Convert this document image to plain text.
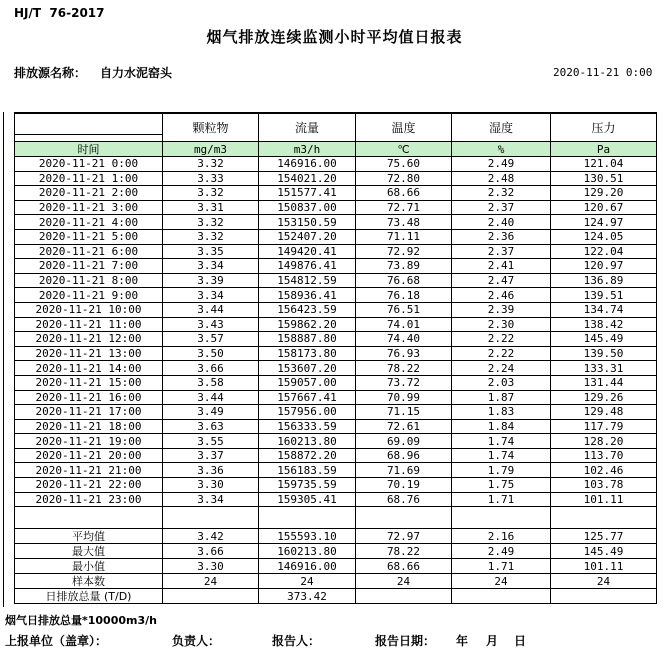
HJ/T  76-2017
烟气排放连续监测小时平均值日报表
排放源名称： 自力水泥窑头	2020-11-21 0:00
	颗粒物	流量	温度	湿度	压力
时间	mg/m3	m3/h	℃	%	Pa
2020-11-21 0:00	3.32	146916.00	75.60	2.49	121.04
2020-11-21 1:00	3.33	154021.20	72.80	2.48	130.51
2020-11-21 2:00	3.32	151577.41	68.66	2.32	129.20
2020-11-21 3:00	3.31	150837.00	72.71	2.37	120.67
2020-11-21 4:00	3.32	153150.59	73.48	2.40	124.97
2020-11-21 5:00	3.32	152407.20	71.11	2.36	124.05
2020-11-21 6:00	3.35	149420.41	72.92	2.37	122.04
2020-11-21 7:00	3.34	149876.41	73.89	2.41	120.97
2020-11-21 8:00	3.39	154812.59	76.68	2.47	136.89
2020-11-21 9:00	3.34	158936.41	76.18	2.46	139.51
2020-11-21 10:00	3.44	156423.59	76.51	2.39	134.74
2020-11-21 11:00	3.43	159862.20	74.01	2.30	138.42
2020-11-21 12:00	3.57	158887.80	74.40	2.22	145.49
2020-11-21 13:00	3.50	158173.80	76.93	2.22	139.50
2020-11-21 14:00	3.66	153607.20	78.22	2.24	133.31
2020-11-21 15:00	3.58	159057.00	73.72	2.03	131.44
2020-11-21 16:00	3.44	157667.41	70.99	1.87	129.26
2020-11-21 17:00	3.49	157956.00	71.15	1.83	129.48
2020-11-21 18:00	3.63	156333.59	72.61	1.84	117.79
2020-11-21 19:00	3.55	160213.80	69.09	1.74	128.20
2020-11-21 20:00	3.37	158872.20	68.96	1.74	113.70
2020-11-21 21:00	3.36	156183.59	71.69	1.79	102.46
2020-11-21 22:00	3.30	159735.59	70.19	1.75	103.78
2020-11-21 23:00	3.34	159305.41	68.76	1.71	101.11

平均值	3.42	155593.10	72.97	2.16	125.77
最大值	3.66	160213.80	78.22	2.49	145.49
最小值	3.30	146916.00	68.66	1.71	101.11
样本数	24	24	24	24	24
日排放总量 (T/D)		373.42			
烟气日排放总量*10000m3/h
上报单位（盖章）：	负责人：	报告人：	报告日期： 年 月 日
